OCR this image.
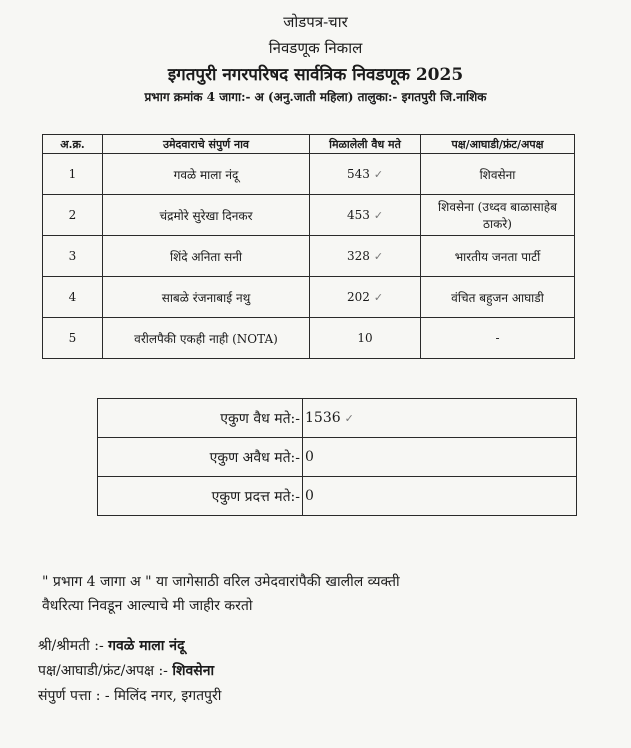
जोडपत्र-चार
निवडणूक निकाल
इगतपुरी नगरपरिषद सार्वत्रिक निवडणूक 2025
प्रभाग क्रमांक 4 जागा:- अ (अनु.जाती महिला) तालुका:- इगतपुरी जि.नाशिक
अ.क्र.	उमेदवाराचे संपुर्ण नाव	मिळालेली वैध मते	पक्ष/आघाडी/फ्रंट/अपक्ष
1	गवळे माला नंदू	543 ✓	शिवसेना
2	चंद्रमोरे सुरेखा दिनकर	453 ✓	शिवसेना (उध्दव बाळासाहेब ठाकरे)
3	शिंदे अनिता सनी	328 ✓	भारतीय जनता पार्टी
4	साबळे रंजनाबाई नथु	202 ✓	वंचित बहुजन आघाडी
5	वरीलपैकी एकही नाही (NOTA)	10	-
एकुण वैध मते:-	1536 ✓
एकुण अवैध मते:-	0
एकुण प्रदत्त मते:-	0
" प्रभाग 4 जागा अ " या जागेसाठी वरिल उमेदवारांपैकी खालील व्यक्ती
वैधरित्या निवडून आल्याचे मी जाहीर करतो
श्री/श्रीमती :- गवळे माला नंदू
पक्ष/आघाडी/फ्रंट/अपक्ष :- शिवसेना
संपुर्ण पत्ता : - मिलिंद नगर, इगतपुरी
